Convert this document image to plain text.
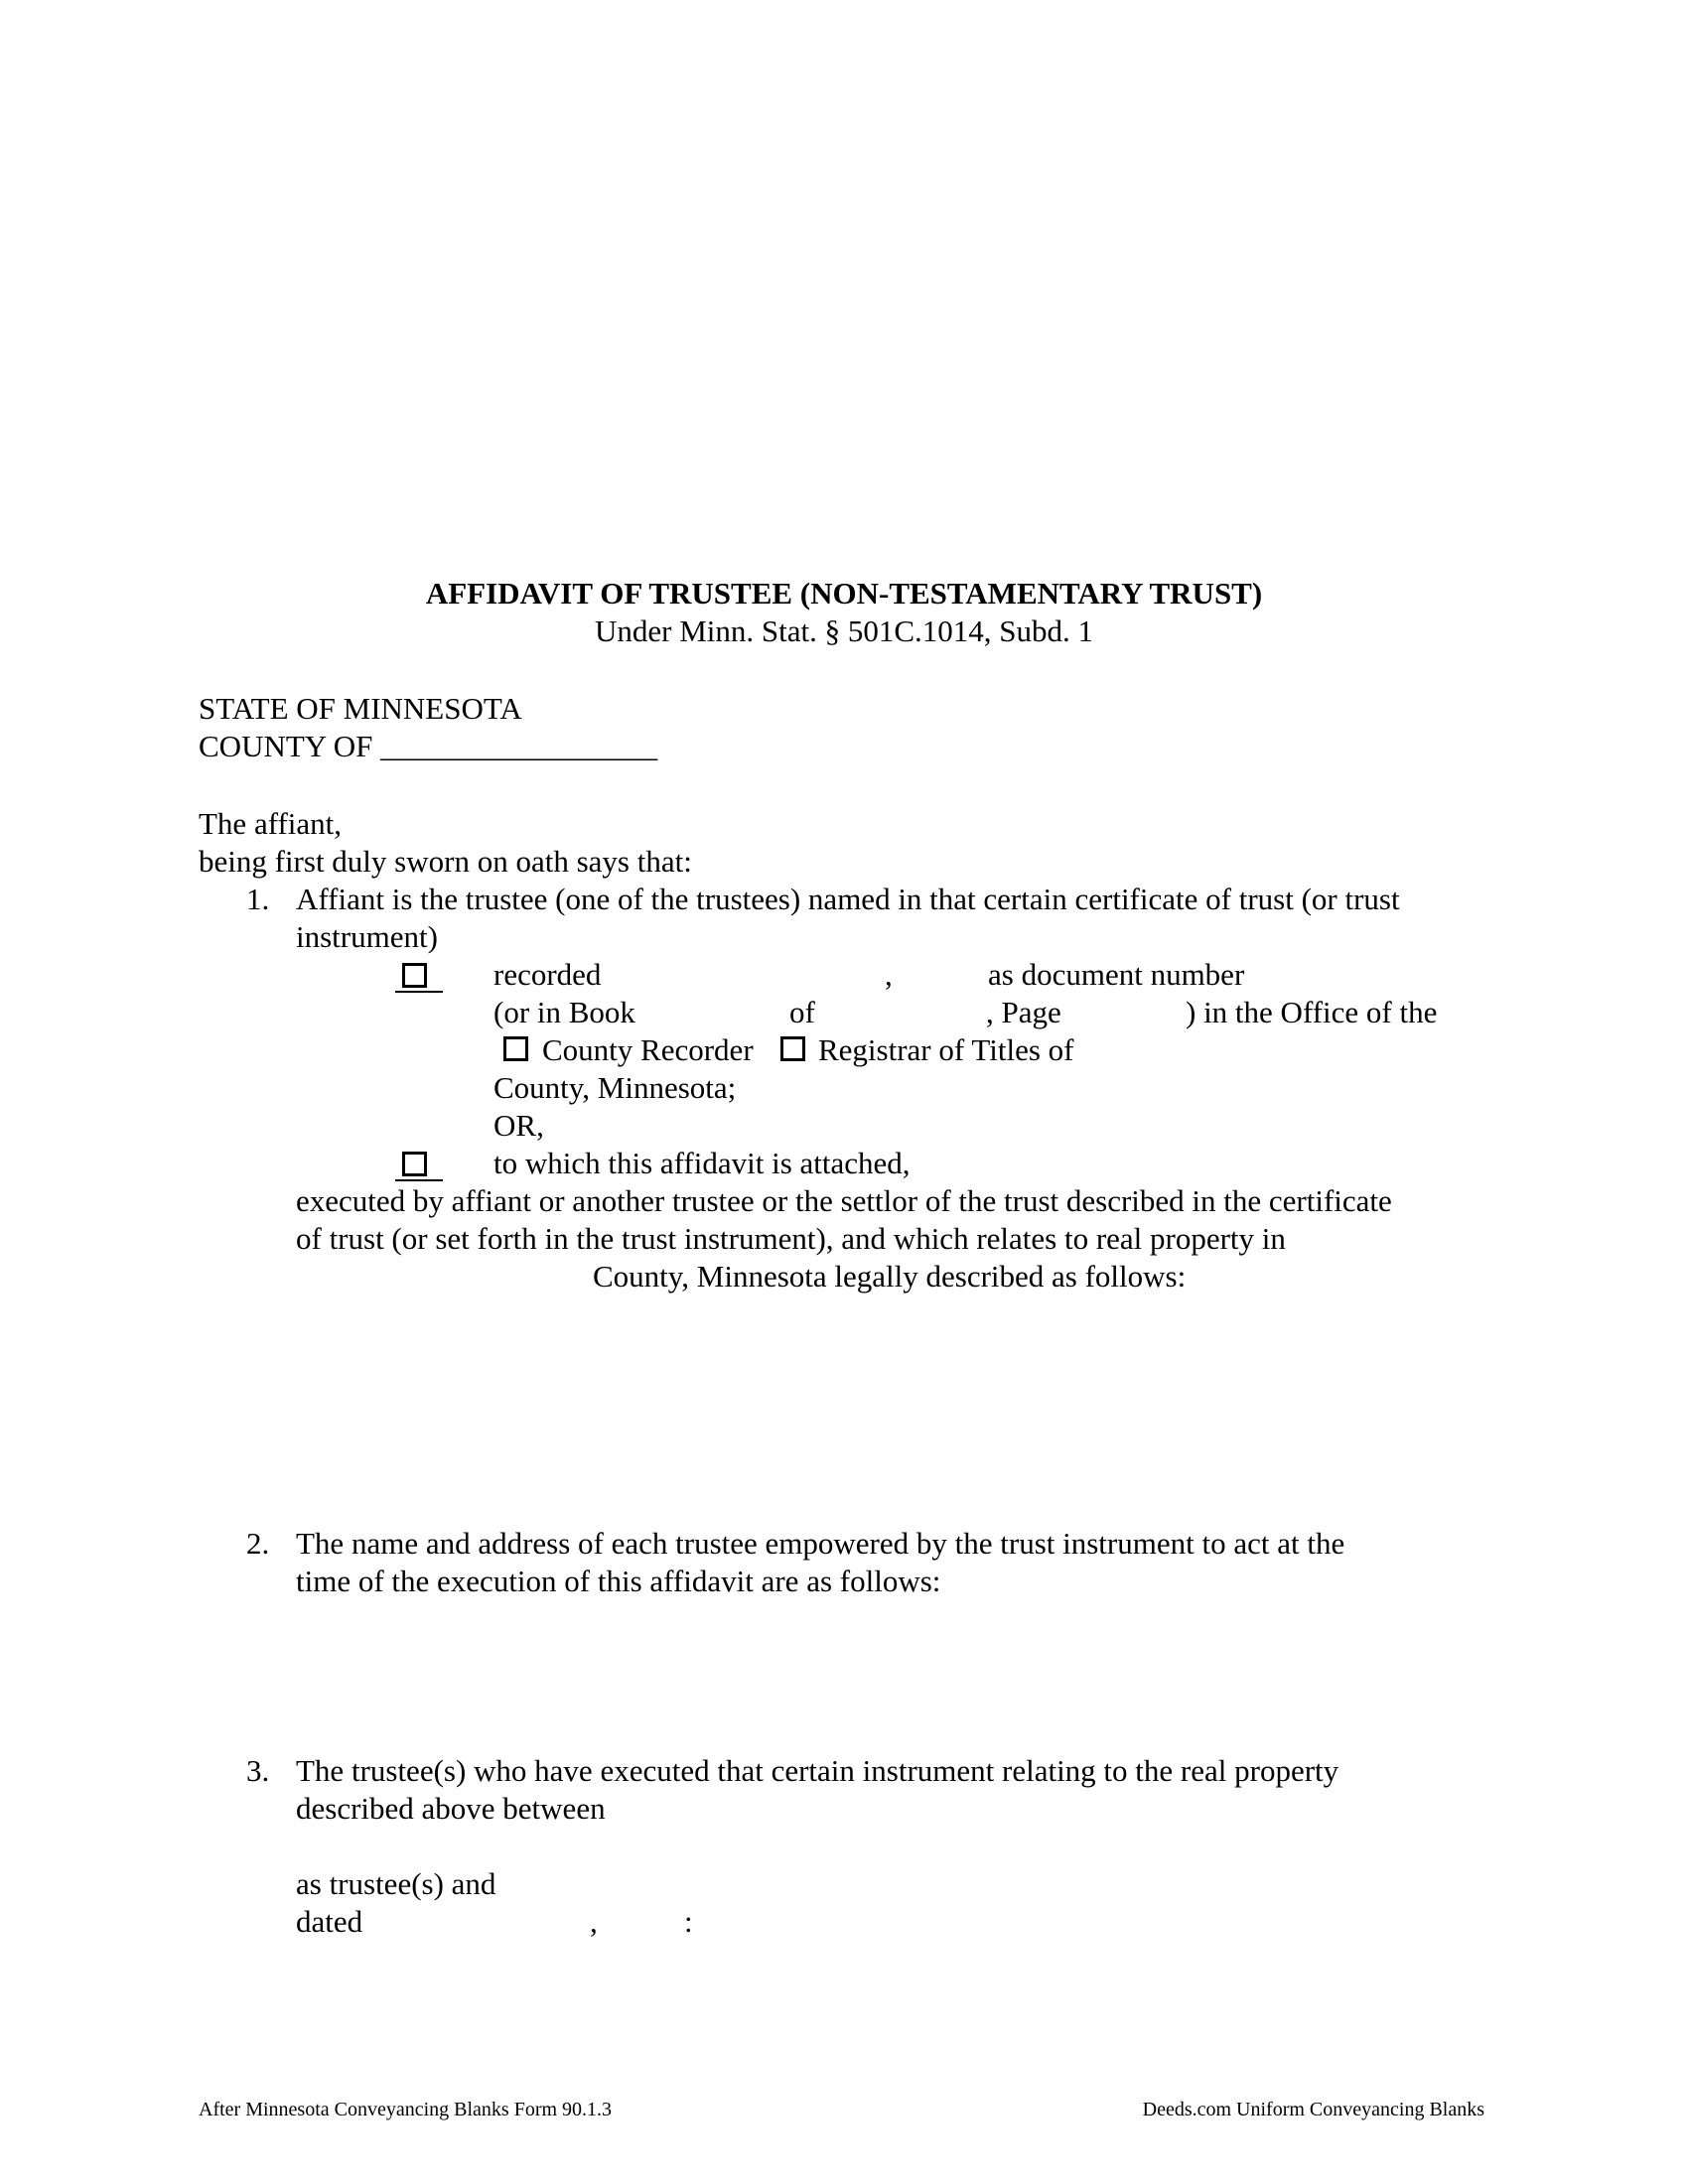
AFFIDAVIT OF TRUSTEE (NON-TESTAMENTARY TRUST)
Under Minn. Stat. § 501C.1014, Subd. 1
STATE OF MINNESOTA
COUNTY OF __________________
The affiant,
being first duly sworn on oath says that:
1. Affiant is the trustee (one of the trustees) named in that certain certificate of trust (or trust
instrument)
recorded	,	as document number
(or in Book	of	, Page	) in the Office of the
County Recorder Registrar of Titles of
County, Minnesota;
OR,
to which this affidavit is attached,
executed by affiant or another trustee or the settlor of the trust described in the certificate
of trust (or set forth in the trust instrument), and which relates to real property in
County, Minnesota legally described as follows:
2. The name and address of each trustee empowered by the trust instrument to act at the
time of the execution of this affidavit are as follows:
3. The trustee(s) who have executed that certain instrument relating to the real property
described above between
as trustee(s) and
dated	,	:
After Minnesota Conveyancing Blanks Form 90.1.3	Deeds.com Uniform Conveyancing Blanks
